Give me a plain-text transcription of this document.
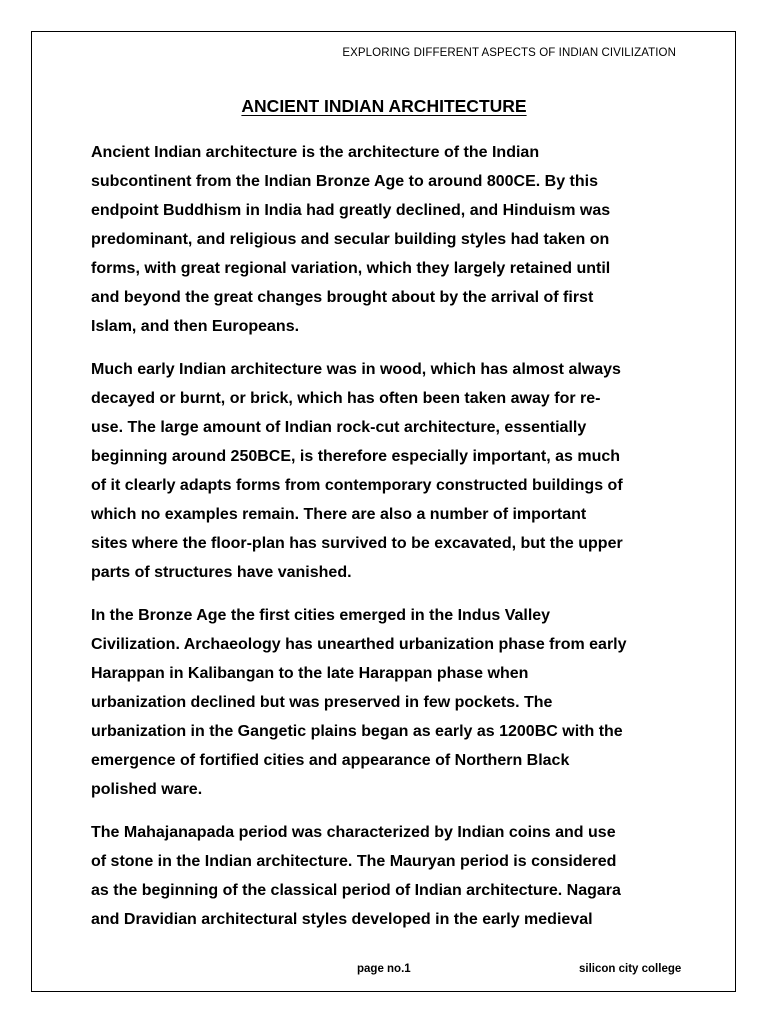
EXPLORING DIFFERENT ASPECTS OF INDIAN CIVILIZATION
ANCIENT INDIAN ARCHITECTURE

Ancient Indian architecture is the architecture of the Indian
subcontinent from the Indian Bronze Age to around 800CE. By this
endpoint Buddhism in India had greatly declined, and Hinduism was
predominant, and religious and secular building styles had taken on
forms, with great regional variation, which they largely retained until
and beyond the great changes brought about by the arrival of first
Islam, and then Europeans.

Much early Indian architecture was in wood, which has almost always
decayed or burnt, or brick, which has often been taken away for re-
use. The large amount of Indian rock-cut architecture, essentially
beginning around 250BCE, is therefore especially important, as much
of it clearly adapts forms from contemporary constructed buildings of
which no examples remain. There are also a number of important
sites where the floor-plan has survived to be excavated, but the upper
parts of structures have vanished.

In the Bronze Age the first cities emerged in the Indus Valley
Civilization. Archaeology has unearthed urbanization phase from early
Harappan in Kalibangan to the late Harappan phase when
urbanization declined but was preserved in few pockets. The
urbanization in the Gangetic plains began as early as 1200BC with the
emergence of fortified cities and appearance of Northern Black
polished ware.

The Mahajanapada period was characterized by Indian coins and use
of stone in the Indian architecture. The Mauryan period is considered
as the beginning of the classical period of Indian architecture. Nagara
and Dravidian architectural styles developed in the early medieval

page no.1	silicon city college
